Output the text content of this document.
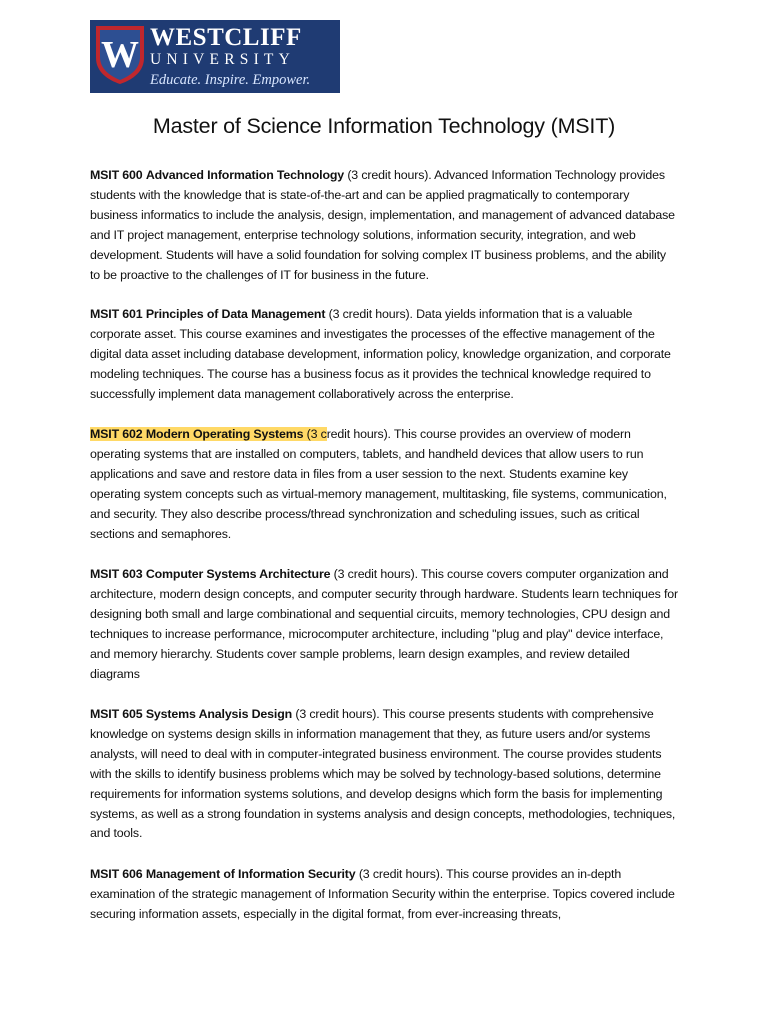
W WESTCLIFF
UNIVERSITY
Educate. Inspire. Empower.
Master of Science Information Technology (MSIT)

MSIT 600 Advanced Information Technology (3 credit hours). Advanced Information Technology provides students with the knowledge that is state-of-the-art and can be applied pragmatically to contemporary business informatics to include the analysis, design, implementation, and management of advanced database and IT project management, enterprise technology solutions, information security, integration, and web development. Students will have a solid foundation for solving complex IT business problems, and the ability to be proactive to the challenges of IT for business in the future.

MSIT 601 Principles of Data Management (3 credit hours). Data yields information that is a valuable corporate asset. This course examines and investigates the processes of the effective management of the digital data asset including database development, information policy, knowledge organization, and corporate modeling techniques. The course has a business focus as it provides the technical knowledge required to successfully implement data management collaboratively across the enterprise.

MSIT 602 Modern Operating Systems (3 credit hours). This course provides an overview of modern operating systems that are installed on computers, tablets, and handheld devices that allow users to run applications and save and restore data in files from a user session to the next. Students examine key operating system concepts such as virtual-memory management, multitasking, file systems, communication, and security. They also describe process/thread synchronization and scheduling issues, such as critical sections and semaphores.

MSIT 603 Computer Systems Architecture (3 credit hours). This course covers computer organization and architecture, modern design concepts, and computer security through hardware. Students learn techniques for designing both small and large combinational and sequential circuits, memory technologies, CPU design and techniques to increase performance, microcomputer architecture, including "plug and play" device interface, and memory hierarchy. Students cover sample problems, learn design examples, and review detailed diagrams

MSIT 605 Systems Analysis Design (3 credit hours). This course presents students with comprehensive knowledge on systems design skills in information management that they, as future users and/or systems analysts, will need to deal with in computer-integrated business environment. The course provides students with the skills to identify business problems which may be solved by technology-based solutions, determine requirements for information systems solutions, and develop designs which form the basis for implementing systems, as well as a strong foundation in systems analysis and design concepts, methodologies, techniques, and tools.

MSIT 606 Management of Information Security (3 credit hours). This course provides an in-depth examination of the strategic management of Information Security within the enterprise. Topics covered include securing information assets, especially in the digital format, from ever-increasing threats,
